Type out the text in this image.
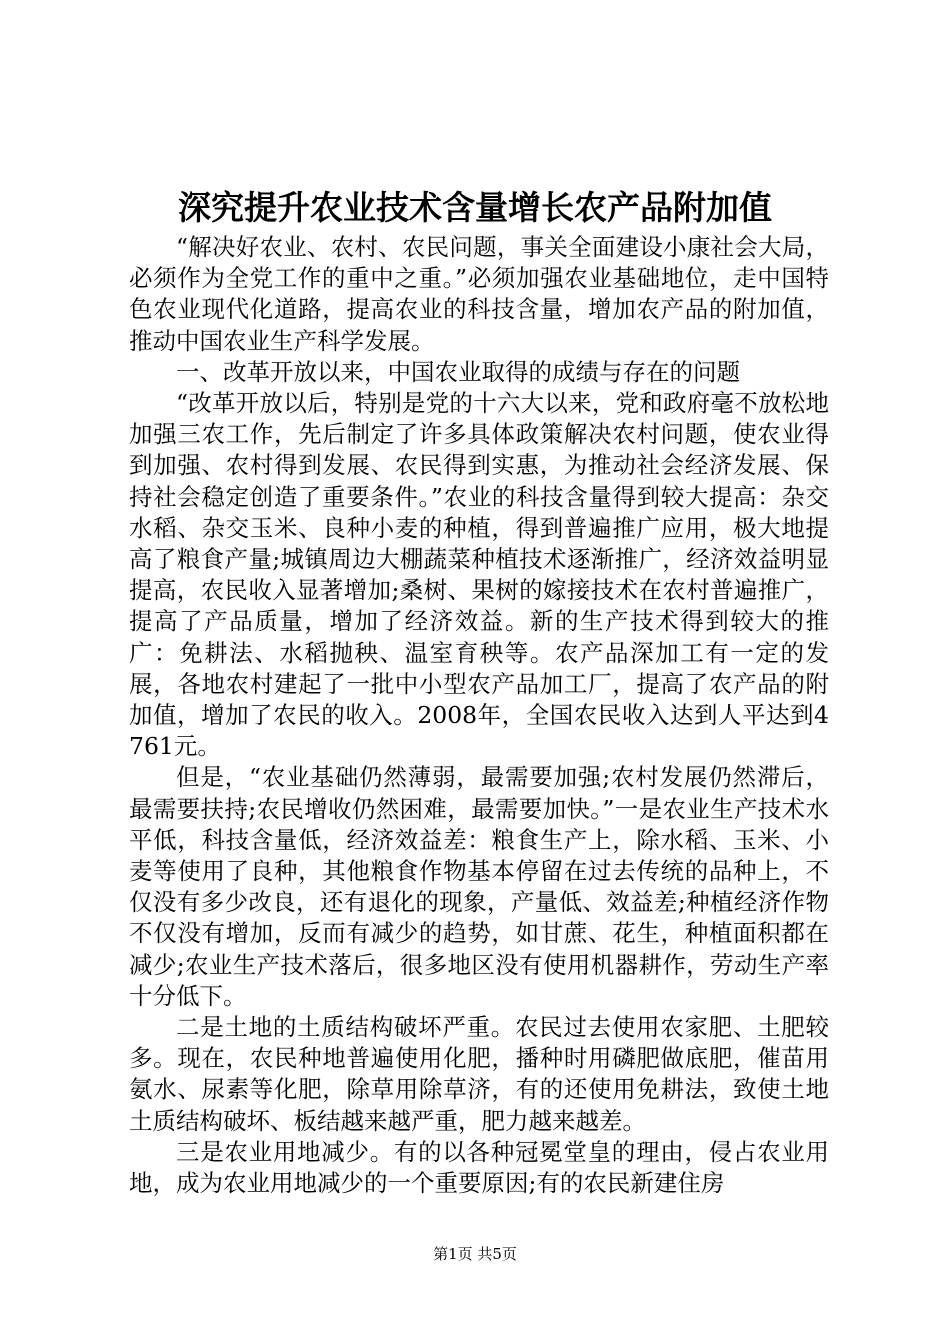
深究提升农业技术含量增长农产品附加值

“解决好农业、农村、农民问题，事关全面建设小康社会大局，必须作为全党工作的重中之重。”必须加强农业基础地位，走中国特色农业现代化道路，提高农业的科技含量，增加农产品的附加值，推动中国农业生产科学发展。

一、改革开放以来，中国农业取得的成绩与存在的问题

“改革开放以后，特别是党的十六大以来，党和政府毫不放松地加强三农工作，先后制定了许多具体政策解决农村问题，使农业得到加强、农村得到发展、农民得到实惠，为推动社会经济发展、保持社会稳定创造了重要条件。”农业的科技含量得到较大提高：杂交水稻、杂交玉米、良种小麦的种植，得到普遍推广应用，极大地提高了粮食产量;城镇周边大棚蔬菜种植技术逐渐推广，经济效益明显提高，农民收入显著增加;桑树、果树的嫁接技术在农村普遍推广，提高了产品质量，增加了经济效益。新的生产技术得到较大的推广：免耕法、水稻抛秧、温室育秧等。农产品深加工有一定的发展，各地农村建起了一批中小型农产品加工厂，提高了农产品的附加值，增加了农民的收入。2008年，全国农民收入达到人平达到4761元。

但是，“农业基础仍然薄弱，最需要加强;农村发展仍然滞后，最需要扶持;农民增收仍然困难，最需要加快。”一是农业生产技术水平低，科技含量低，经济效益差：粮食生产上，除水稻、玉米、小麦等使用了良种，其他粮食作物基本停留在过去传统的品种上，不仅没有多少改良，还有退化的现象，产量低、效益差;种植经济作物不仅没有增加，反而有减少的趋势，如甘蔗、花生，种植面积都在减少;农业生产技术落后，很多地区没有使用机器耕作，劳动生产率十分低下。

二是土地的土质结构破坏严重。农民过去使用农家肥、土肥较多。现在，农民种地普遍使用化肥，播种时用磷肥做底肥，催苗用氨水、尿素等化肥，除草用除草济，有的还使用免耕法，致使土地土质结构破坏、板结越来越严重，肥力越来越差。

三是农业用地减少。有的以各种冠冕堂皇的理由，侵占农业用地，成为农业用地减少的一个重要原因;有的农民新建住房

第1页 共5页
